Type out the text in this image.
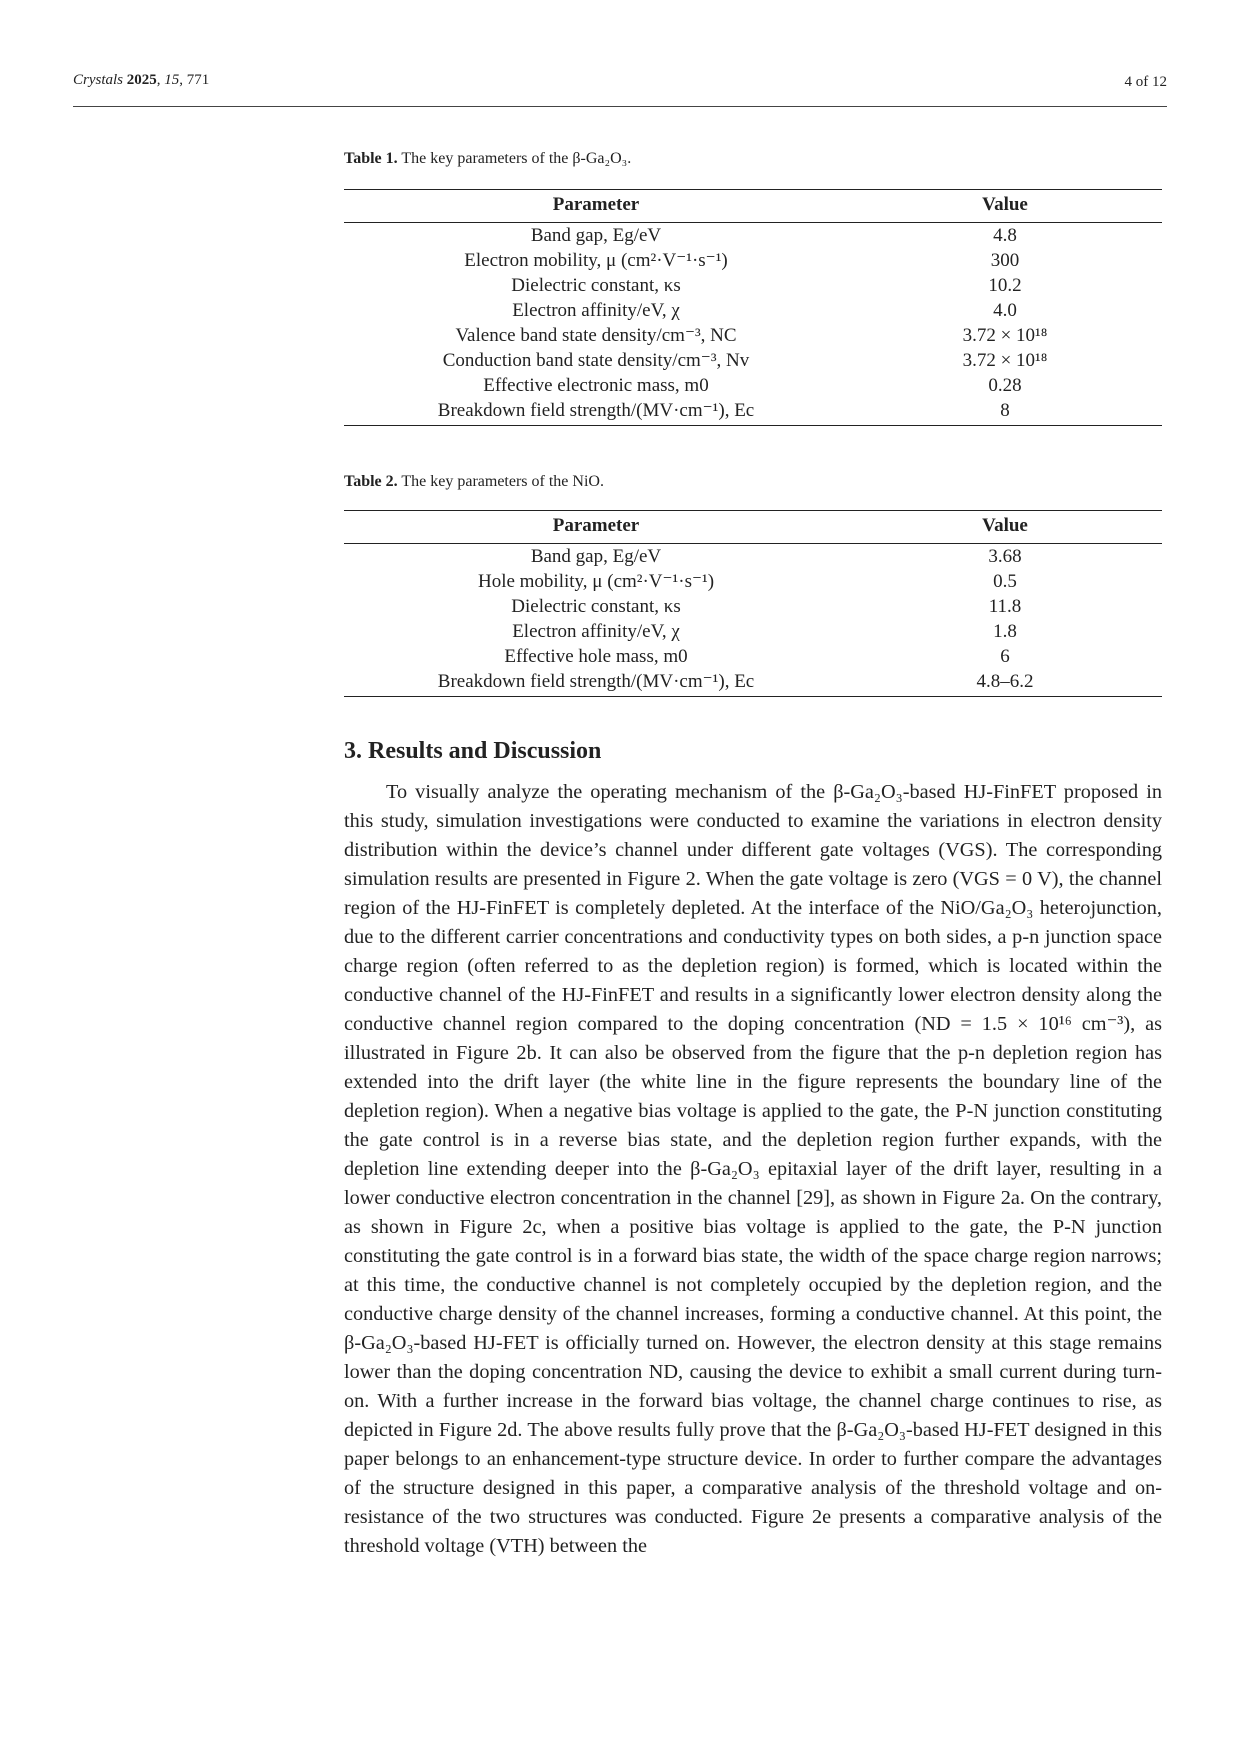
Crystals 2025, 15, 771	4 of 12
Table 1. The key parameters of the β-Ga₂O₃.
Parameter	Value
Band gap, Eg/eV	4.8
Electron mobility, μ (cm²·V⁻¹·s⁻¹)	300
Dielectric constant, κs	10.2
Electron affinity/eV, χ	4.0
Valence band state density/cm⁻³, NC	3.72 × 10¹⁸
Conduction band state density/cm⁻³, Nv	3.72 × 10¹⁸
Effective electronic mass, m0	0.28
Breakdown field strength/(MV·cm⁻¹), Ec	8
Table 2. The key parameters of the NiO.
Parameter	Value
Band gap, Eg/eV	3.68
Hole mobility, μ (cm²·V⁻¹·s⁻¹)	0.5
Dielectric constant, κs	11.8
Electron affinity/eV, χ	1.8
Effective hole mass, m0	6
Breakdown field strength/(MV·cm⁻¹), Ec	4.8–6.2
3. Results and Discussion

To visually analyze the operating mechanism of the β-Ga₂O₃-based HJ-FinFET proposed in this study, simulation investigations were conducted to examine the variations in electron density distribution within the device’s channel under different gate voltages (VGS). The corresponding simulation results are presented in Figure 2. When the gate voltage is zero (VGS = 0 V), the channel region of the HJ-FinFET is completely depleted. At the interface of the NiO/Ga₂O₃ heterojunction, due to the different carrier concentrations and conductivity types on both sides, a p-n junction space charge region (often referred to as the depletion region) is formed, which is located within the conductive channel of the HJ-FinFET and results in a significantly lower electron density along the conductive channel region compared to the doping concentration (ND = 1.5 × 10¹⁶ cm⁻³), as illustrated in Figure 2b. It can also be observed from the figure that the p-n depletion region has extended into the drift layer (the white line in the figure represents the boundary line of the depletion region). When a negative bias voltage is applied to the gate, the P-N junction constituting the gate control is in a reverse bias state, and the depletion region further expands, with the depletion line extending deeper into the β-Ga₂O₃ epitaxial layer of the drift layer, resulting in a lower conductive electron concentration in the channel [29], as shown in Figure 2a. On the contrary, as shown in Figure 2c, when a positive bias voltage is applied to the gate, the P-N junction constituting the gate control is in a forward bias state, the width of the space charge region narrows; at this time, the conductive channel is not completely occupied by the depletion region, and the conductive charge density of the channel increases, forming a conductive channel. At this point, the β-Ga₂O₃-based HJ-FET is officially turned on. However, the electron density at this stage remains lower than the doping concentration ND, causing the device to exhibit a small current during turn-on. With a further increase in the forward bias voltage, the channel charge continues to rise, as depicted in Figure 2d. The above results fully prove that the β-Ga₂O₃-based HJ-FET designed in this paper belongs to an enhancement-type structure device. In order to further compare the advantages of the structure designed in this paper, a comparative analysis of the threshold voltage and on-resistance of the two structures was conducted. Figure 2e presents a comparative analysis of the threshold voltage (VTH) between the
